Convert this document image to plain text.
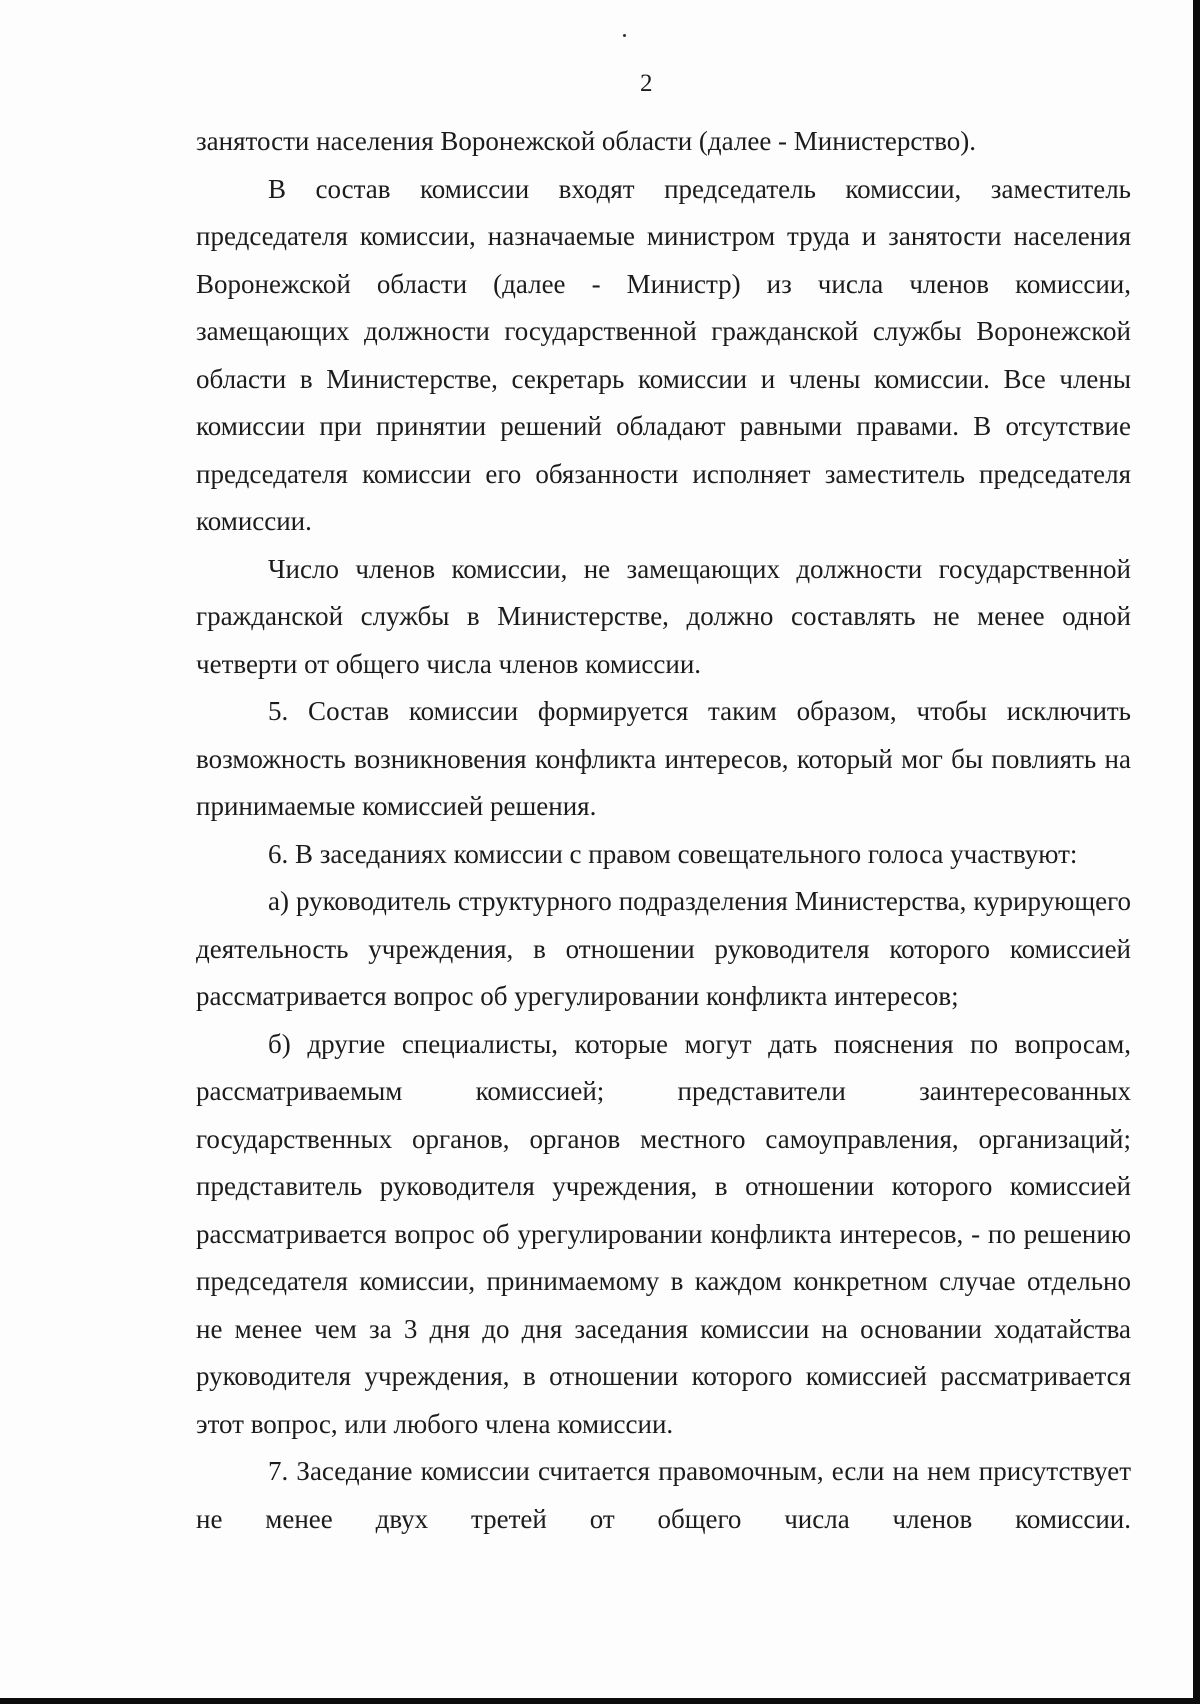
2

занятости населения Воронежской области (далее - Министерство).

В состав комиссии входят председатель комиссии, заместитель председателя комиссии, назначаемые министром труда и занятости населения Воронежской области (далее - Министр) из числа членов комиссии, замещающих должности государственной гражданской службы Воронежской области в Министерстве, секретарь комиссии и члены комиссии. Все члены комиссии при принятии решений обладают равными правами. В отсутствие председателя комиссии его обязанности исполняет заместитель председателя комиссии.

Число членов комиссии, не замещающих должности государственной гражданской службы в Министерстве, должно составлять не менее одной четверти от общего числа членов комиссии.

5. Состав комиссии формируется таким образом, чтобы исключить возможность возникновения конфликта интересов, который мог бы повлиять на принимаемые комиссией решения.

6. В заседаниях комиссии с правом совещательного голоса участвуют:

а) руководитель структурного подразделения Министерства, курирующего деятельность учреждения, в отношении руководителя которого комиссией рассматривается вопрос об урегулировании конфликта интересов;

б) другие специалисты, которые могут дать пояснения по вопросам, рассматриваемым комиссией; представители заинтересованных государственных органов, органов местного самоуправления, организаций; представитель руководителя учреждения, в отношении которого комиссией рассматривается вопрос об урегулировании конфликта интересов, - по решению председателя комиссии, принимаемому в каждом конкретном случае отдельно не менее чем за 3 дня до дня заседания комиссии на основании ходатайства руководителя учреждения, в отношении которого комиссией рассматривается этот вопрос, или любого члена комиссии.

7. Заседание комиссии считается правомочным, если на нем присутствует не менее двух третей от общего числа членов комиссии.
